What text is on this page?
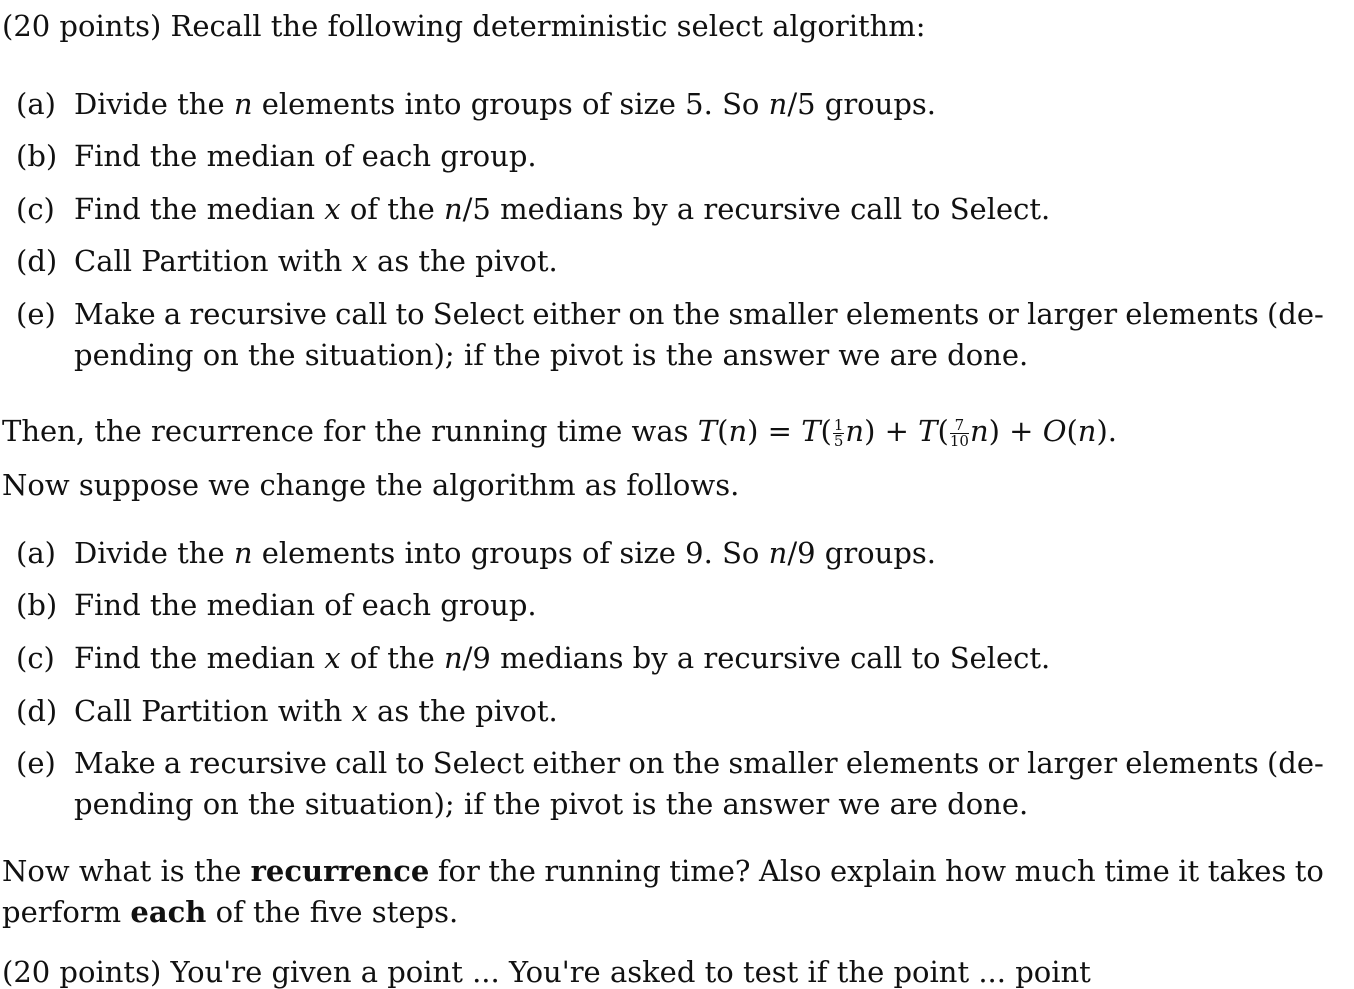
(20 points) Recall the following deterministic select algorithm:
(a) Divide the n elements into groups of size 5. So n/5 groups.
(b) Find the median of each group.
(c) Find the median x of the n/5 medians by a recursive call to Select.
(d) Call Partition with x as the pivot.
(e) Make a recursive call to Select either on the smaller elements or larger elements (de-
pending on the situation); if the pivot is the answer we are done.
Then, the recurrence for the running time was $T(n) = T( \frac{1}{5} n) + T( \frac{7}{10} n) + O(n)$.
Now suppose we change the algorithm as follows.
(a) Divide the n elements into groups of size 9. So n/9 groups.
(b) Find the median of each group.
(c) Find the median x of the n/9 medians by a recursive call to Select.
(d) Call Partition with x as the pivot.
(e) Make a recursive call to Select either on the smaller elements or larger elements (de-
pending on the situation); if the pivot is the answer we are done.
Now what is the recurrence for the running time? Also explain how much time it takes to
perform each of the five steps.
(20 points) You're given a point ... You're asked to test if the point ... point
